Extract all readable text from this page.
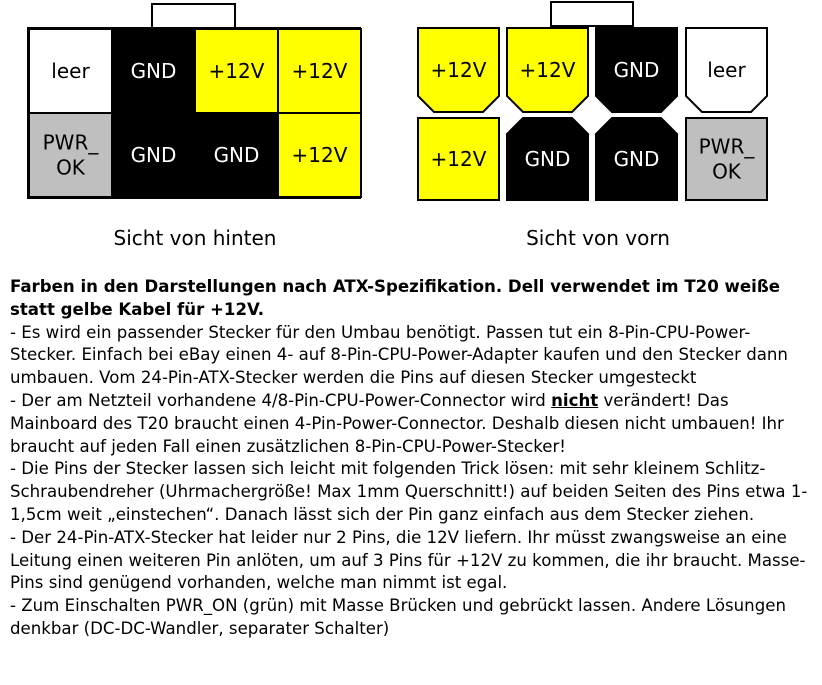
leer GND +12V +12V
PWR_
OK
GND GND +12V
+12V +12V GND leer
+12V GND GND
PWR_
OK
Sicht von hinten	Sicht von vorn

Farben in den Darstellungen nach ATX-Spezifikation. Dell verwendet im T20 weiße statt gelbe Kabel für +12V.

- Es wird ein passender Stecker für den Umbau benötigt. Passen tut ein 8-Pin-CPU-Power-Stecker. Einfach bei eBay einen 4- auf 8-Pin-CPU-Power-Adapter kaufen und den Stecker dann umbauen. Vom 24-Pin-ATX-Stecker werden die Pins auf diesen Stecker umgesteckt

- Der am Netzteil vorhandene 4/8-Pin-CPU-Power-Connector wird nicht verändert! Das Mainboard des T20 braucht einen 4-Pin-Power-Connector. Deshalb diesen nicht umbauen! Ihr braucht auf jeden Fall einen zusätzlichen 8-Pin-CPU-Power-Stecker!

- Die Pins der Stecker lassen sich leicht mit folgenden Trick lösen: mit sehr kleinem Schlitz-Schraubendreher (Uhrmachergröße! Max 1mm Querschnitt!) auf beiden Seiten des Pins etwa 1-1,5cm weit „einstechen“. Danach lässt sich der Pin ganz einfach aus dem Stecker ziehen.

- Der 24-Pin-ATX-Stecker hat leider nur 2 Pins, die 12V liefern. Ihr müsst zwangsweise an eine Leitung einen weiteren Pin anlöten, um auf 3 Pins für +12V zu kommen, die ihr braucht. Masse-Pins sind genügend vorhanden, welche man nimmt ist egal.

- Zum Einschalten PWR_ON (grün) mit Masse Brücken und gebrückt lassen. Andere Lösungen denkbar (DC-DC-Wandler, separater Schalter)
